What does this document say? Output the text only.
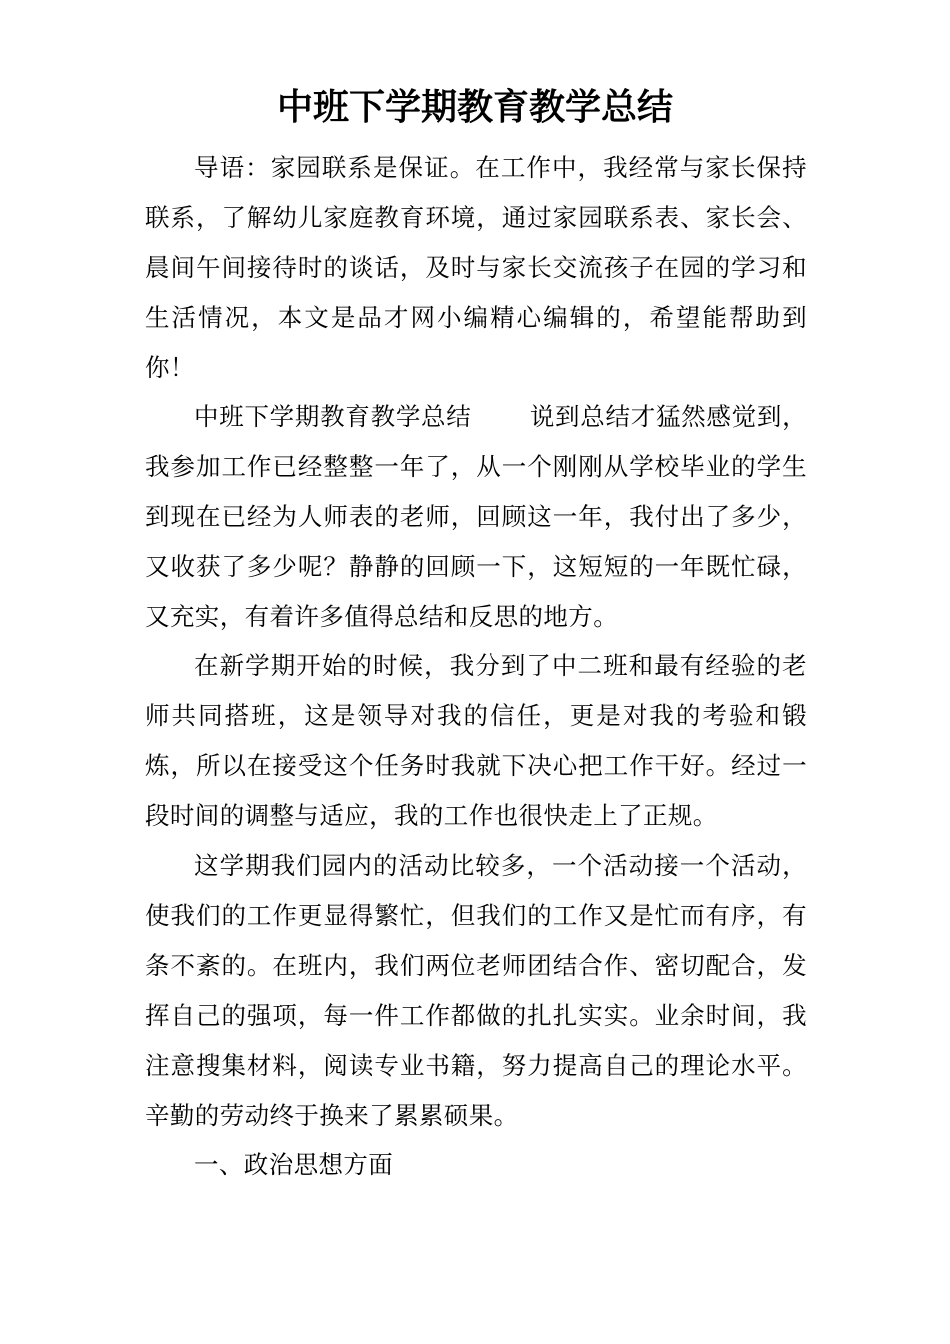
中班下学期教育教学总结

导语：家园联系是保证。在工作中，我经常与家长保持联系，了解幼儿家庭教育环境，通过家园联系表、家长会、晨间午间接待时的谈话，及时与家长交流孩子在园的学习和生活情况，本文是品才网小编精心编辑的，希望能帮助到你！

中班下学期教育教学总结 说到总结才猛然感觉到，我参加工作已经整整一年了，从一个刚刚从学校毕业的学生到现在已经为人师表的老师，回顾这一年，我付出了多少，又收获了多少呢？静静的回顾一下，这短短的一年既忙碌，又充实，有着许多值得总结和反思的地方。

在新学期开始的时候，我分到了中二班和最有经验的老师共同搭班，这是领导对我的信任，更是对我的考验和锻炼，所以在接受这个任务时我就下决心把工作干好。经过一段时间的调整与适应，我的工作也很快走上了正规。

这学期我们园内的活动比较多，一个活动接一个活动，使我们的工作更显得繁忙，但我们的工作又是忙而有序，有条不紊的。在班内，我们两位老师团结合作、密切配合，发挥自己的强项，每一件工作都做的扎扎实实。业余时间，我注意搜集材料，阅读专业书籍，努力提高自己的理论水平。辛勤的劳动终于换来了累累硕果。

一、政治思想方面
